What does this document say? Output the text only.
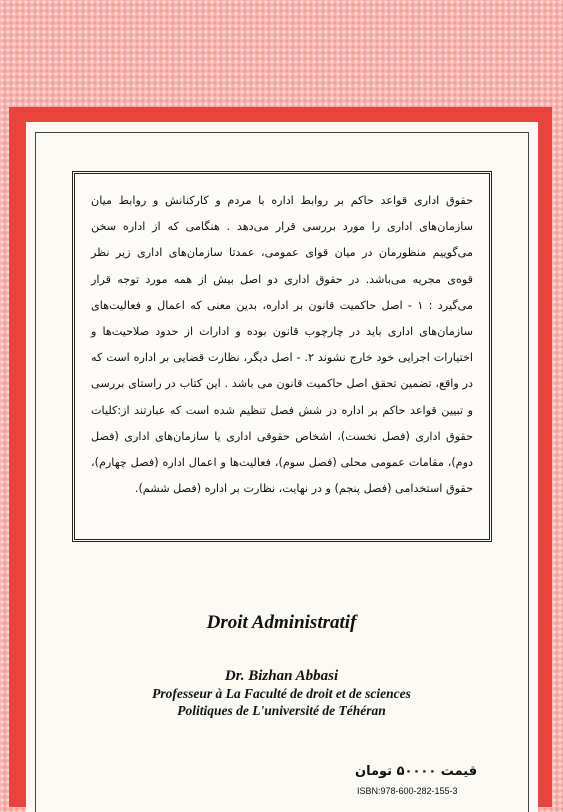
حقوق اداری قواعد حاکم بر روابط اداره با مردم و کارکنانش و روابط میان سازمان‌های اداری را مورد بررسی قرار می‌دهد . هنگامی که از اداره سخن می‌گوییم منظورمان در میان قوای عمومی، عمدتا سازمان‌های اداری زیر نظر قوه‌ی مجریه می‌باشد. در حقوق اداری دو اصل بیش از همه مورد توجه قرار می‌گیرد : ۱ - اصل حاکمیت قانون بر اداره، بدین معنی که اعمال و فعالیت‌های سازمان‌های اداری باید در چارچوب قانون بوده و ادارات از حدود صلاحیت‌ها و اختیارات اجرایی خود خارج نشوند ۲. - اصل دیگر، نظارت قضایی بر اداره است که در واقع، تضمین تحقق اصل حاکمیت قانون می باشد . این کتاب در راستای بررسی و تبیین قواعد حاکم بر اداره در شش فصل تنظیم شده است که عبارتند از:کلیات حقوق اداری (فصل نخست)، اشخاص حقوقی اداری یا سازمان‌های اداری (فصل دوم)، مقامات عمومی محلی (فصل سوم)، فعالیت‌ها و اعمال اداره (فصل چهارم)، حقوق استخدامی (فصل پنجم) و در نهایت، نظارت بر اداره (فصل ششم).

Droit Administratif
Dr. Bizhan Abbasi
Professeur à La Faculté de droit et de sciences
Politiques de L'université de Téhéran
قیمت ۵۰۰۰۰ تومان
ISBN:978-600-282-155-3
